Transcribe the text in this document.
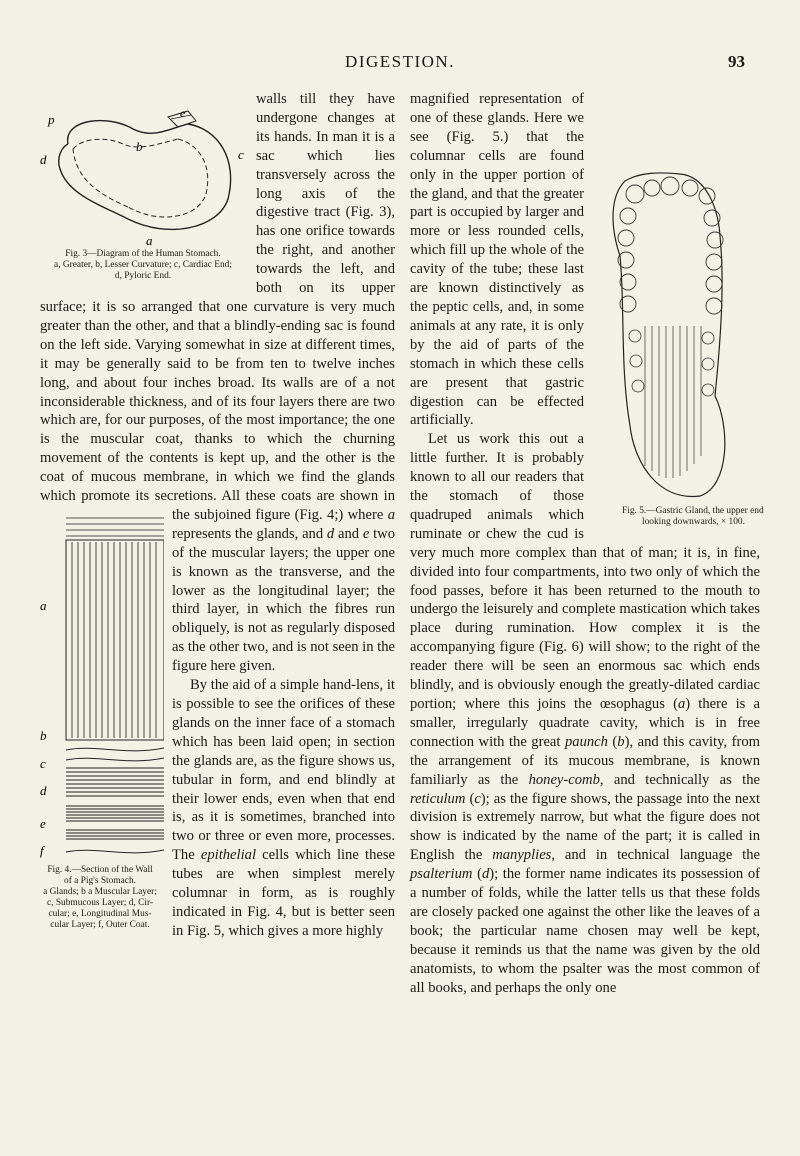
DIGESTION.	93
p	e
b
c
d
a
Fig. 3—Diagram of the Human Stomach.
a, Greater, b, Lesser Curvature; c, Cardiac End;
d, Pyloric End.

walls till they have undergone changes at its hands. In man it is a sac which lies transversely across the long axis of the digestive tract (Fig. 3), has one orifice towards the right, and another towards the left, and both on its upper surface; it is so arranged that one curvature is very much greater than the other, and that a blindly-ending sac is found on the left side. Varying somewhat in size at different times, it may be generally said to be from ten to twelve inches long, and about four inches broad. Its walls are of a not inconsiderable thickness, and of its four layers there are two which are, for our purposes, of the most importance; the one is the muscular coat, thanks to which the churning movement of the contents is kept up, and the other is the coat of mucous membrane, in which we find the glands which promote its secretions. All these coats are shown in the subjoined figure (Fig. 4;) where
a
b
c
d
e
f
Fig. 4.—Section of the Wall
of a Pig's Stomach.
a Glands; b a Muscular Layer;
c, Submucous Layer; d, Cir-
cular; e, Longitudinal Mus-
cular Layer; f, Outer Coat.
a represents the glands, and d and e two of the muscular layers; the upper one is known as the transverse, and the lower as the longitudinal layer; the third layer, in which the fibres run obliquely, is not as regularly disposed as the other two, and is not seen in the figure here given.

By the aid of a simple hand-lens, it is possible to see the orifices of these glands on the inner face of a stomach which has been laid open; in section the glands are, as the figure shows us, tubular in form, and end blindly at their lower ends, even when that end is, as it is sometimes, branched into two or three or even more, processes. The epithelial cells which line these tubes are when simplest merely columnar in form, as is roughly indicated in Fig. 4, but is better seen in Fig. 5, which gives a more highly

Fig. 5.—Gastric Gland, the upper end
looking downwards, × 100.
magnified representation of one of these glands. Here we see (Fig. 5.) that the columnar cells are found only in the upper portion of the gland, and that the greater part is occupied by larger and more or less rounded cells, which fill up the whole of the cavity of the tube; these last are known distinctively as the peptic cells, and, in some animals at any rate, it is only by the aid of parts of the stomach in which these cells are present that gastric digestion can be effected artificially.

Let us work this out a little further. It is probably known to all our readers that the stomach of those quadruped animals which ruminate or chew the cud is very much more complex than that of man; it is, in fine, divided into four compartments, into two only of which the food passes, before it has been returned to the mouth to undergo the leisurely and complete mastication which takes place during rumination. How complex it is the accompanying figure (Fig. 6) will show; to the right of the reader there will be seen an enormous sac which ends blindly, and is obviously enough the greatly-dilated cardiac portion; where this joins the œsophagus (a) there is a smaller, irregularly quadrate cavity, which is in free connection with the great paunch (b), and this cavity, from the arrangement of its mucous membrane, is known familiarly as the honey-comb, and technically as the reticulum (c); as the figure shows, the passage into the next division is extremely narrow, but what the figure does not show is indicated by the name of the part; it is called in English the manyplies, and in technical language the psalterium (d); the former name indicates its possession of a number of folds, while the latter tells us that these folds are closely packed one against the other like the leaves of a book; the particular name chosen may well be kept, because it reminds us that the name was given by the old anatomists, to whom the psalter was the most common of all books, and perhaps the only one
